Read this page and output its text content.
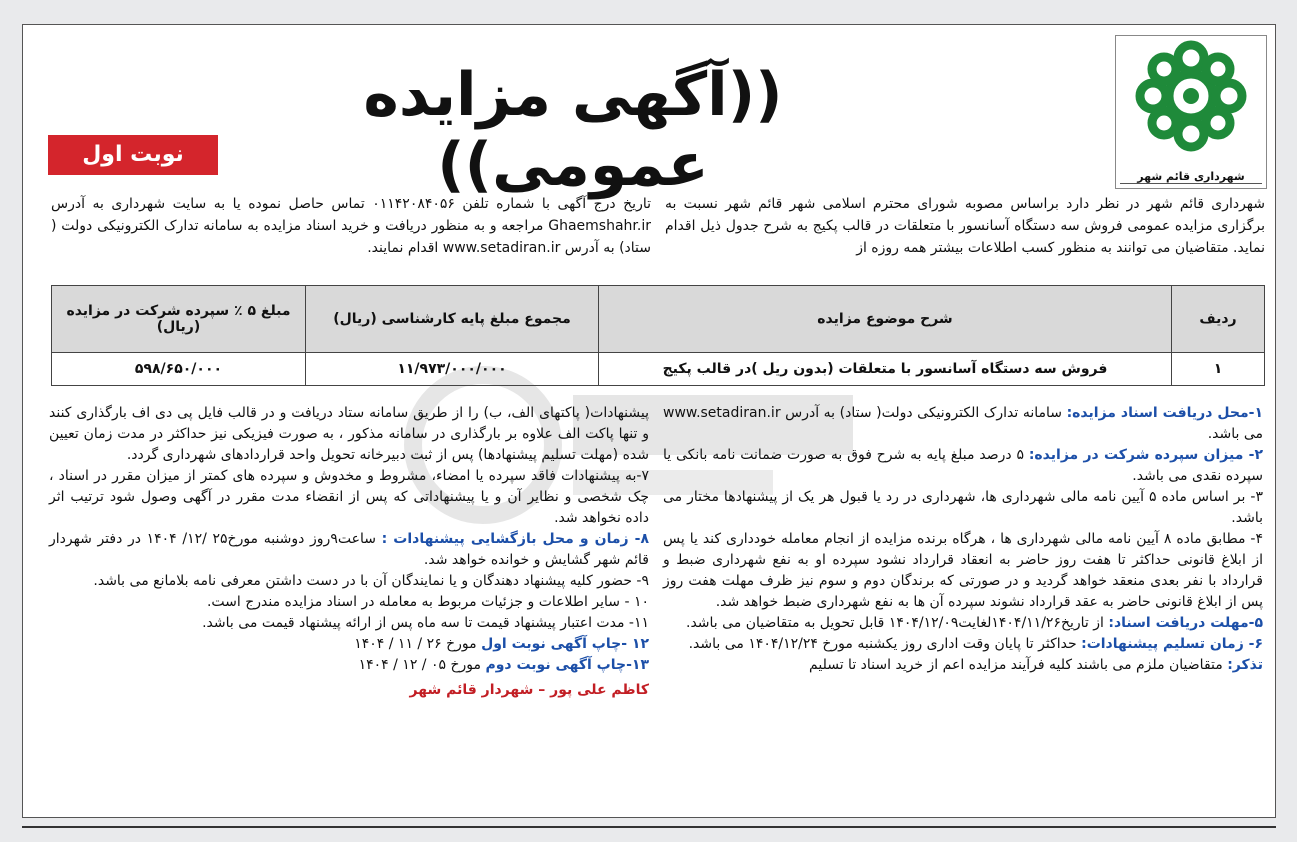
شهرداری قائم شهر
((آگهی مزایده عمومی))
نوبت اول
شهرداری قائم شهر در نظر دارد براساس مصوبه شورای محترم اسلامی شهر قائم شهر نسبت به برگزاری مزایده عمومی فروش سه دستگاه آسانسور با متعلقات در قالب پکیج به شرح جدول ذیل اقدام نماید. متقاضیان می توانند به منظور کسب اطلاعات بیشتر همه روزه از
تاریخ درج آگهی با شماره تلفن ۰۱۱۴۲۰۸۴۰۵۶ تماس حاصل نموده یا به سایت شهرداری به آدرس Ghaemshahr.ir مراجعه و به منظور دریافت و خرید اسناد مزایده به سامانه تدارک الکترونیکی دولت ( ستاد) به آدرس www.setadiran.ir اقدام نمایند.
ردیف	شرح موضوع مزایده	مجموع مبلغ پایه کارشناسی (ریال)	مبلغ ۵ ٪ سپرده شرکت در مزایده (ریال)
۱	فروش سه دستگاه آسانسور با متعلقات (بدون ریل )در قالب پکیج	۱۱/۹۷۳/۰۰۰/۰۰۰	۵۹۸/۶۵۰/۰۰۰

۱-محل دریافت اسناد مزایده: سامانه تدارک الکترونیکی دولت( ستاد) به آدرس www.setadiran.ir می باشد.

۲- میزان سپرده شرکت در مزایده: ۵ درصد مبلغ پایه به شرح فوق به صورت ضمانت نامه بانکی یا سپرده نقدی می باشد.

۳- بر اساس ماده ۵ آیین نامه مالی شهرداری ها، شهرداری در رد یا قبول هر یک از پیشنهادها مختار می باشد.

۴- مطابق ماده ۸ آیین نامه مالی شهرداری ها ، هرگاه برنده مزایده از انجام معامله خودداری کند یا پس از ابلاغ قانونی حداکثر تا هفت روز حاضر به انعقاد قرارداد نشود سپرده او به نفع شهرداری ضبط و قرارداد با نفر بعدی منعقد خواهد گردید و در صورتی که برندگان دوم و سوم نیز ظرف مهلت هفت روز پس از ابلاغ قانونی حاضر به عقد قرارداد نشوند سپرده آن ها به نفع شهرداری ضبط خواهد شد.

۵-مهلت دریافت اسناد: از تاریخ۱۴۰۴/۱۱/۲۶لغایت۱۴۰۴/۱۲/۰۹ قابل تحویل به متقاضیان می باشد.

۶- زمان تسلیم پیشنهادات: حداکثر تا پایان وقت اداری روز یکشنبه مورخ ۱۴۰۴/۱۲/۲۴ می باشد.

تذکر: متقاضیان ملزم می باشند کلیه فرآیند مزایده اعم از خرید اسناد تا تسلیم

پیشنهادات( پاکتهای الف، ب) را از طریق سامانه ستاد دریافت و در قالب فایل پی دی اف بارگذاری کنند و تنها پاکت الف علاوه بر بارگذاری در سامانه مذکور ، به صورت فیزیکی نیز حداکثر در مدت زمان تعیین شده (مهلت تسلیم پیشنهادها) پس از ثبت دبیرخانه تحویل واحد قراردادهای شهرداری گردد.

۷-به پیشنهادات فاقد سپرده یا امضاء، مشروط و مخدوش و سپرده های کمتر از میزان مقرر در اسناد ، چک شخصی و نظایر آن و یا پیشنهاداتی که پس از انقضاء مدت مقرر در آگهی وصول شود ترتیب اثر داده نخواهد شد.

۸- زمان و محل بازگشایی پیشنهادات : ساعت۹روز دوشنبه مورخ۲۵ /۱۲/ ۱۴۰۴ در دفتر شهردار قائم شهر گشایش و خوانده خواهد شد.

۹- حضور کلیه پیشنهاد دهندگان و یا نمایندگان آن با در دست داشتن معرفی نامه بلامانع می باشد.

۱۰ - سایر اطلاعات و جزئیات مربوط به معامله در اسناد مزایده مندرج است.

۱۱- مدت اعتبار پیشنهاد قیمت تا سه ماه پس از ارائه پیشنهاد قیمت می باشد.

۱۲ -چاپ آگهی نوبت اول مورخ ۲۶ / ۱۱ / ۱۴۰۴

۱۳-چاپ آگهی نوبت دوم مورخ ۰۵ / ۱۲ / ۱۴۰۴

کاظم علی پور – شهردار قائم شهر
